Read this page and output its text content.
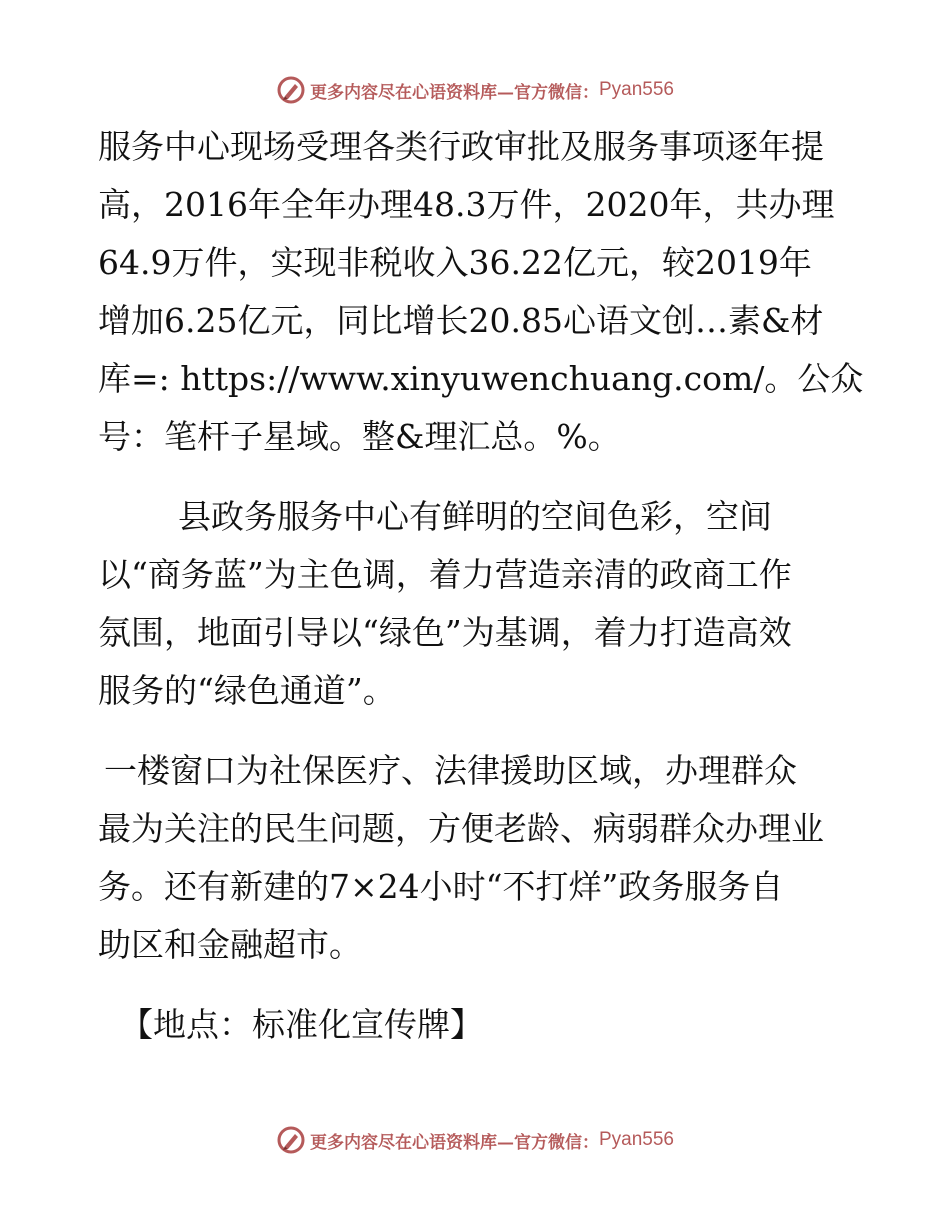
更多内容尽在心语资料库—官方微信： Pyan556
服务中心现场受理各类行政审批及服务事项逐年提
高，2016年全年办理48.3万件，2020年，共办理
64.9万件，实现非税收入36.22亿元，较2019年
增加6.25亿元，同比增长20.85心语文创…素&材
库=: https://www.xinyuwenchuang.com/。公众
号：笔杆子星域。整&理汇总。%。
县政务服务中心有鲜明的空间色彩，空间
以“商务蓝”为主色调，着力营造亲清的政商工作
氛围，地面引导以“绿色”为基调，着力打造高效
服务的“绿色通道”。
一楼窗口为社保医疗、法律援助区域，办理群众
最为关注的民生问题，方便老龄、病弱群众办理业
务。还有新建的7×24小时“不打烊”政务服务自
助区和金融超市。
【地点：标准化宣传牌】
更多内容尽在心语资料库—官方微信： Pyan556
